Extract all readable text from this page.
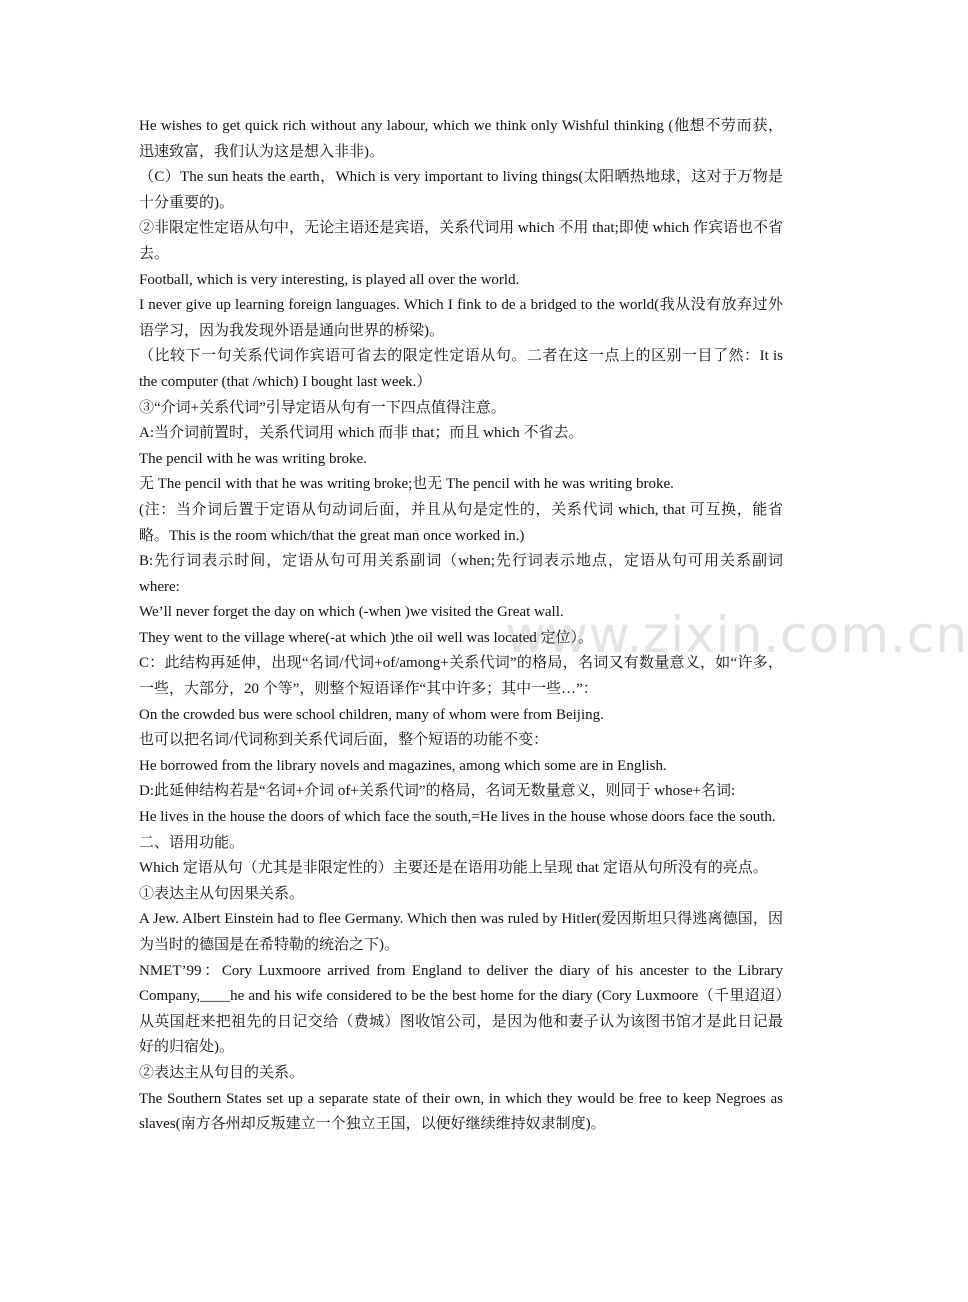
www.zixin.com.cn

He wishes to get quick rich without any labour, which we think only Wishful thinking (他想不劳而获，迅速致富，我们认为这是想入非非)。

（C）The sun heats the earth，Which is very important to living things(太阳晒热地球，这对于万物是十分重要的)。

②非限定性定语从句中，无论主语还是宾语，关系代词用 which 不用 that;即使 which 作宾语也不省去。

Football, which is very interesting, is played all over the world.

I never give up learning foreign languages. Which I fink to de a bridged to the world(我从没有放弃过外语学习，因为我发现外语是通向世界的桥梁)。

（比较下一句关系代词作宾语可省去的限定性定语从句。二者在这一点上的区别一目了然：It is the computer (that /which) I bought last week.）

③“介词+关系代词”引导定语从句有一下四点值得注意。

A:当介词前置时，关系代词用 which 而非 that；而且 which 不省去。

The pencil with he was writing broke.

无 The pencil with that he was writing broke;也无 The pencil with he was writing broke.

(注：当介词后置于定语从句动词后面，并且从句是定性的，关系代词 which, that 可互换，能省略。This is the room which/that the great man once worked in.)

B:先行词表示时间，定语从句可用关系副词（when;先行词表示地点，定语从句可用关系副词 where:

We’ll never forget the day on which (-when )we visited the Great wall.

They went to the village where(-at which )the oil well was located 定位）。

C：此结构再延伸，出现“名词/代词+of/among+关系代词”的格局，名词又有数量意义，如“许多，一些，大部分，20 个等”，则整个短语译作“其中许多；其中一些…”：

On the crowded bus were school children, many of whom were from Beijing.

也可以把名词/代词称到关系代词后面，整个短语的功能不变：

He borrowed from the library novels and magazines, among which some are in English.

D:此延伸结构若是“名词+介词 of+关系代词”的格局，名词无数量意义，则同于 whose+名词:

He lives in the house the doors of which face the south,=He lives in the house whose doors face the south.

二、语用功能。

Which 定语从句（尤其是非限定性的）主要还是在语用功能上呈现 that 定语从句所没有的亮点。

①表达主从句因果关系。

A Jew. Albert Einstein had to flee Germany. Which then was ruled by Hitler(爱因斯坦只得逃离德国，因为当时的德国是在希特勒的统治之下)。

NMET’99：Cory Luxmoore arrived from England to deliver the diary of his ancester to the Library Company,____he and his wife considered to be the best home for the diary (Cory Luxmoore（千里迢迢）从英国赶来把祖先的日记交给（费城）图收馆公司，是因为他和妻子认为该图书馆才是此日记最好的归宿处)。

②表达主从句目的关系。

The Southern States set up a separate state of their own, in which they would be free to keep Negroes as slaves(南方各州却反叛建立一个独立王国，以便好继续维持奴隶制度)。
